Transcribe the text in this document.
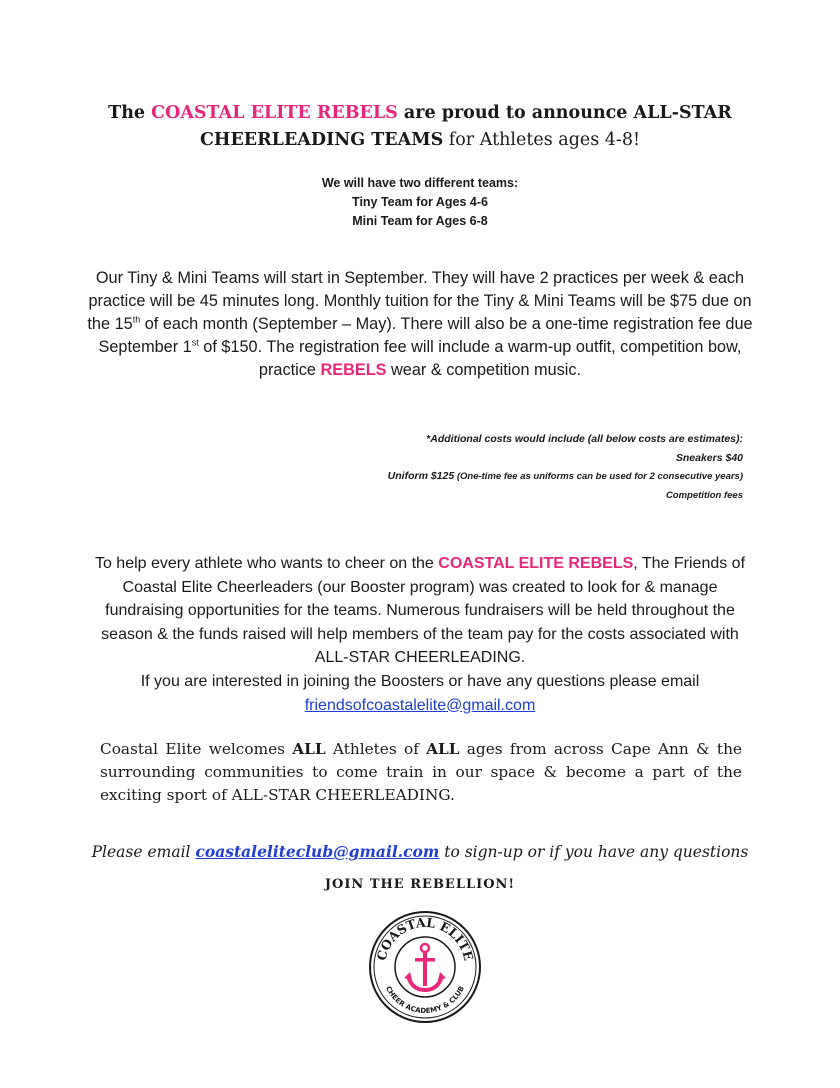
The COASTAL ELITE REBELS are proud to announce ALL-STAR CHEERLEADING TEAMS for Athletes ages 4-8!
We will have two different teams:
Tiny Team for Ages 4-6
Mini Team for Ages 6-8
Our Tiny & Mini Teams will start in September. They will have 2 practices per week & each practice will be 45 minutes long. Monthly tuition for the Tiny & Mini Teams will be $75 due on the 15th of each month (September – May). There will also be a one-time registration fee due September 1st of $150. The registration fee will include a warm-up outfit, competition bow, practice REBELS wear & competition music.
*Additional costs would include (all below costs are estimates):
Sneakers $40
Uniform $125 (One-time fee as uniforms can be used for 2 consecutive years)
Competition fees
To help every athlete who wants to cheer on the COASTAL ELITE REBELS, The Friends of Coastal Elite Cheerleaders (our Booster program) was created to look for & manage fundraising opportunities for the teams. Numerous fundraisers will be held throughout the season & the funds raised will help members of the team pay for the costs associated with ALL-STAR CHEERLEADING.
If you are interested in joining the Boosters or have any questions please email
friendsofcoastalelite@gmail.com
Coastal Elite welcomes ALL Athletes of ALL ages from across Cape Ann & the surrounding communities to come train in our space & become a part of the exciting sport of ALL-STAR CHEERLEADING.
Please email coastaleliteclub@gmail.com to sign-up or if you have any questions
JOIN THE REBELLION!
COASTAL ELITE
CHEER ACADEMY & CLUB
